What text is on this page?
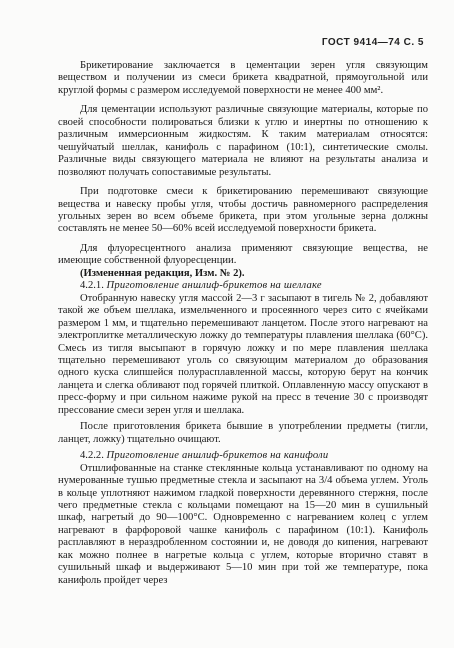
ГОСТ 9414—74 С. 5

Брикетирование заключается в цементации зерен угля связующим веществом и получении из смеси брикета квадратной, прямоугольной или круглой формы с размером исследуемой поверхности не менее 400 мм².

Для цементации используют различные связующие материалы, которые по своей способности полироваться близки к углю и инертны по отношению к различным иммерсионным жидкостям. К таким материалам относятся: чешуйчатый шеллак, канифоль с парафином (10:1), синтетические смолы. Различные виды связующего материала не влияют на результаты анализа и позволяют получать сопоставимые результаты.

При подготовке смеси к брикетированию перемешивают связующие вещества и навеску пробы угля, чтобы достичь равномерного распределения угольных зерен во всем объеме брикета, при этом угольные зерна должны составлять не менее 50—60% всей исследуемой поверхности брикета.

Для флуоресцентного анализа применяют связующие вещества, не имеющие собственной флуоресценции.

(Измененная редакция, Изм. № 2).

4.2.1. Приготовление аншлиф-брикетов на шеллаке

Отобранную навеску угля массой 2—3 г засыпают в тигель № 2, добавляют такой же объем шеллака, измельченного и просеянного через сито с ячейками размером 1 мм, и тщательно перемешивают ланцетом. После этого нагревают на электроплитке металлическую ложку до температуры плавления шеллака (60°С). Смесь из тигля высыпают в горячую ложку и по мере плавления шеллака тщательно перемешивают уголь со связующим материалом до образования одного куска слипшейся полурасплавленной массы, которую берут на кончик ланцета и слегка обливают под горячей плиткой. Оплавленную массу опускают в пресс-форму и при сильном нажиме рукой на пресс в течение 30 с производят прессование смеси зерен угля и шеллака.

После приготовления брикета бывшие в употреблении предметы (тигли, ланцет, ложку) тщательно очищают.

4.2.2. Приготовление аншлиф-брикетов на канифоли

Отшлифованные на станке стеклянные кольца устанавливают по одному на нумерованные тушью предметные стекла и засыпают на 3/4 объема углем. Уголь в кольце уплотняют нажимом гладкой поверхности деревянного стержня, после чего предметные стекла с кольцами помещают на 15—20 мин в сушильный шкаф, нагретый до 90—100°С. Одновременно с нагреванием колец с углем нагревают в фарфоровой чашке канифоль с парафином (10:1). Канифоль расплавляют в нераздробленном состоянии и, не доводя до кипения, нагревают как можно полнее в нагретые кольца с углем, которые вторично ставят в сушильный шкаф и выдерживают 5—10 мин при той же температуре, пока канифоль пройдет через
